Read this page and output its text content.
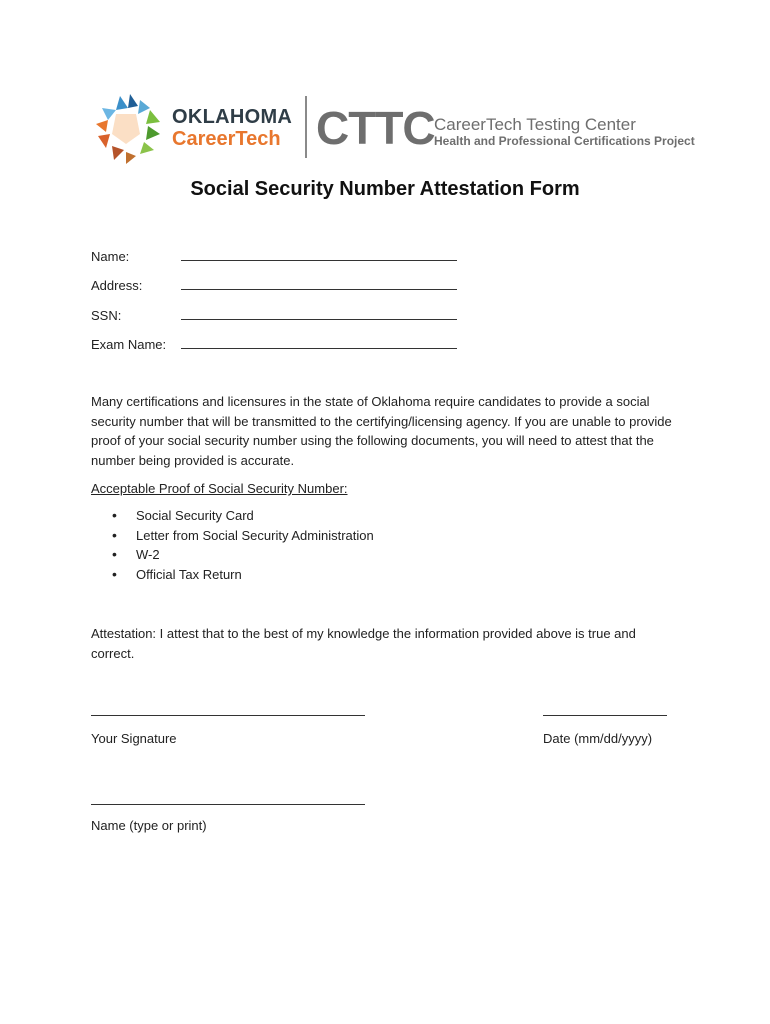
OKLAHOMA
CareerTech CTTC CareerTech Testing Center
Health and Professional Certifications Project
Social Security Number Attestation Form
Name:
Address:
SSN:
Exam Name:
Many certifications and licensures in the state of Oklahoma require candidates to provide a social security number that will be transmitted to the certifying/licensing agency. If you are unable to provide proof of your social security number using the following documents, you will need to attest that the number being provided is accurate.
Acceptable Proof of Social Security Number:
• Social Security Card
• Letter from Social Security Administration
• W-2
• Official Tax Return
Attestation: I attest that to the best of my knowledge the information provided above is true and correct.
Your Signature	Date (mm/dd/yyyy)
Name (type or print)
